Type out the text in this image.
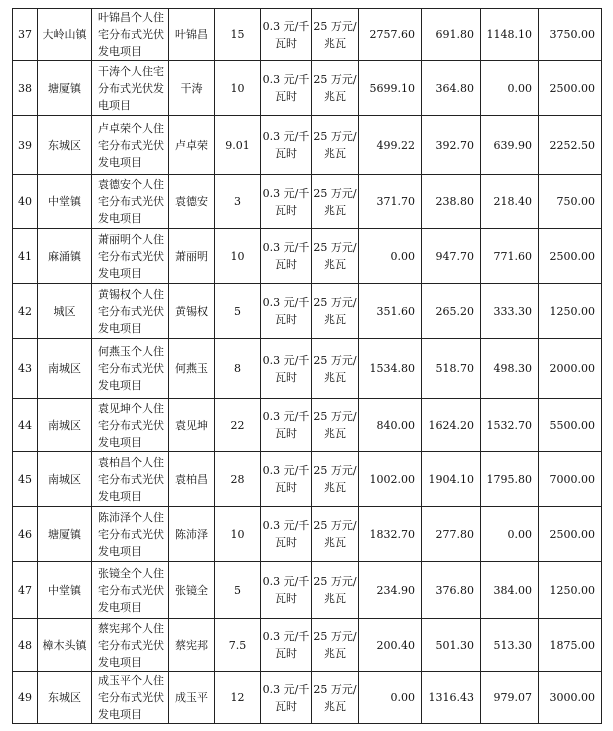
37	大岭山镇	叶锦昌个人住宅分布式光伏发电项目	叶锦昌	15	0.3 元/千瓦时	25 万元/兆瓦	2757.60	691.80	1148.10	3750.00
38	塘厦镇	干涛个人住宅分布式光伏发电项目	干涛	10	0.3 元/千瓦时	25 万元/兆瓦	5699.10	364.80	0.00	2500.00
39	东城区	卢卓荣个人住宅分布式光伏发电项目	卢卓荣	9.01	0.3 元/千瓦时	25 万元/兆瓦	499.22	392.70	639.90	2252.50
40	中堂镇	袁德安个人住宅分布式光伏发电项目	袁德安	3	0.3 元/千瓦时	25 万元/兆瓦	371.70	238.80	218.40	750.00
41	麻涌镇	萧丽明个人住宅分布式光伏发电项目	萧丽明	10	0.3 元/千瓦时	25 万元/兆瓦	0.00	947.70	771.60	2500.00
42	城区	黄锡权个人住宅分布式光伏发电项目	黄锡权	5	0.3 元/千瓦时	25 万元/兆瓦	351.60	265.20	333.30	1250.00
43	南城区	何燕玉个人住宅分布式光伏发电项目	何燕玉	8	0.3 元/千瓦时	25 万元/兆瓦	1534.80	518.70	498.30	2000.00
44	南城区	袁见坤个人住宅分布式光伏发电项目	袁见坤	22	0.3 元/千瓦时	25 万元/兆瓦	840.00	1624.20	1532.70	5500.00
45	南城区	袁柏昌个人住宅分布式光伏发电项目	袁柏昌	28	0.3 元/千瓦时	25 万元/兆瓦	1002.00	1904.10	1795.80	7000.00
46	塘厦镇	陈沛泽个人住宅分布式光伏发电项目	陈沛泽	10	0.3 元/千瓦时	25 万元/兆瓦	1832.70	277.80	0.00	2500.00
47	中堂镇	张镜全个人住宅分布式光伏发电项目	张镜全	5	0.3 元/千瓦时	25 万元/兆瓦	234.90	376.80	384.00	1250.00
48	樟木头镇	蔡宪邦个人住宅分布式光伏发电项目	蔡宪邦	7.5	0.3 元/千瓦时	25 万元/兆瓦	200.40	501.30	513.30	1875.00
49	东城区	成玉平个人住宅分布式光伏发电项目	成玉平	12	0.3 元/千瓦时	25 万元/兆瓦	0.00	1316.43	979.07	3000.00
